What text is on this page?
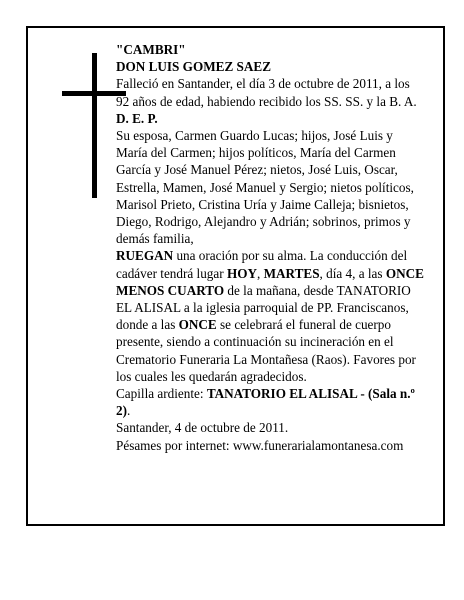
"CAMBRI"

DON LUIS GOMEZ SAEZ

Falleció en Santander, el día 3 de octubre de 2011, a los 92 años de edad, habiendo recibido los SS. SS. y la B. A.

D. E. P.

Su esposa, Carmen Guardo Lucas; hijos, José Luis y María del Carmen; hijos políticos, María del Carmen García y José Manuel Pérez; nietos, José Luis, Oscar, Estrella, Mamen, José Manuel y Sergio; nietos políticos, Marisol Prieto, Cristina Uría y Jaime Calleja; bisnietos, Diego, Rodrigo, Alejandro y Adrián; sobrinos, primos y demás familia,

RUEGAN una oración por su alma. La conducción del cadáver tendrá lugar HOY, MARTES, día 4, a las ONCE MENOS CUARTO de la mañana, desde TANATORIO EL ALISAL a la iglesia parroquial de PP. Franciscanos, donde a las ONCE se celebrará el funeral de cuerpo presente, siendo a continuación su incineración en el Crematorio Funeraria La Montañesa (Raos). Favores por los cuales les quedarán agradecidos.

Capilla ardiente: TANATORIO EL ALISAL - (Sala n.º 2).

Santander, 4 de octubre de 2011.

Pésames por internet: www.funerarialamontanesa.com
